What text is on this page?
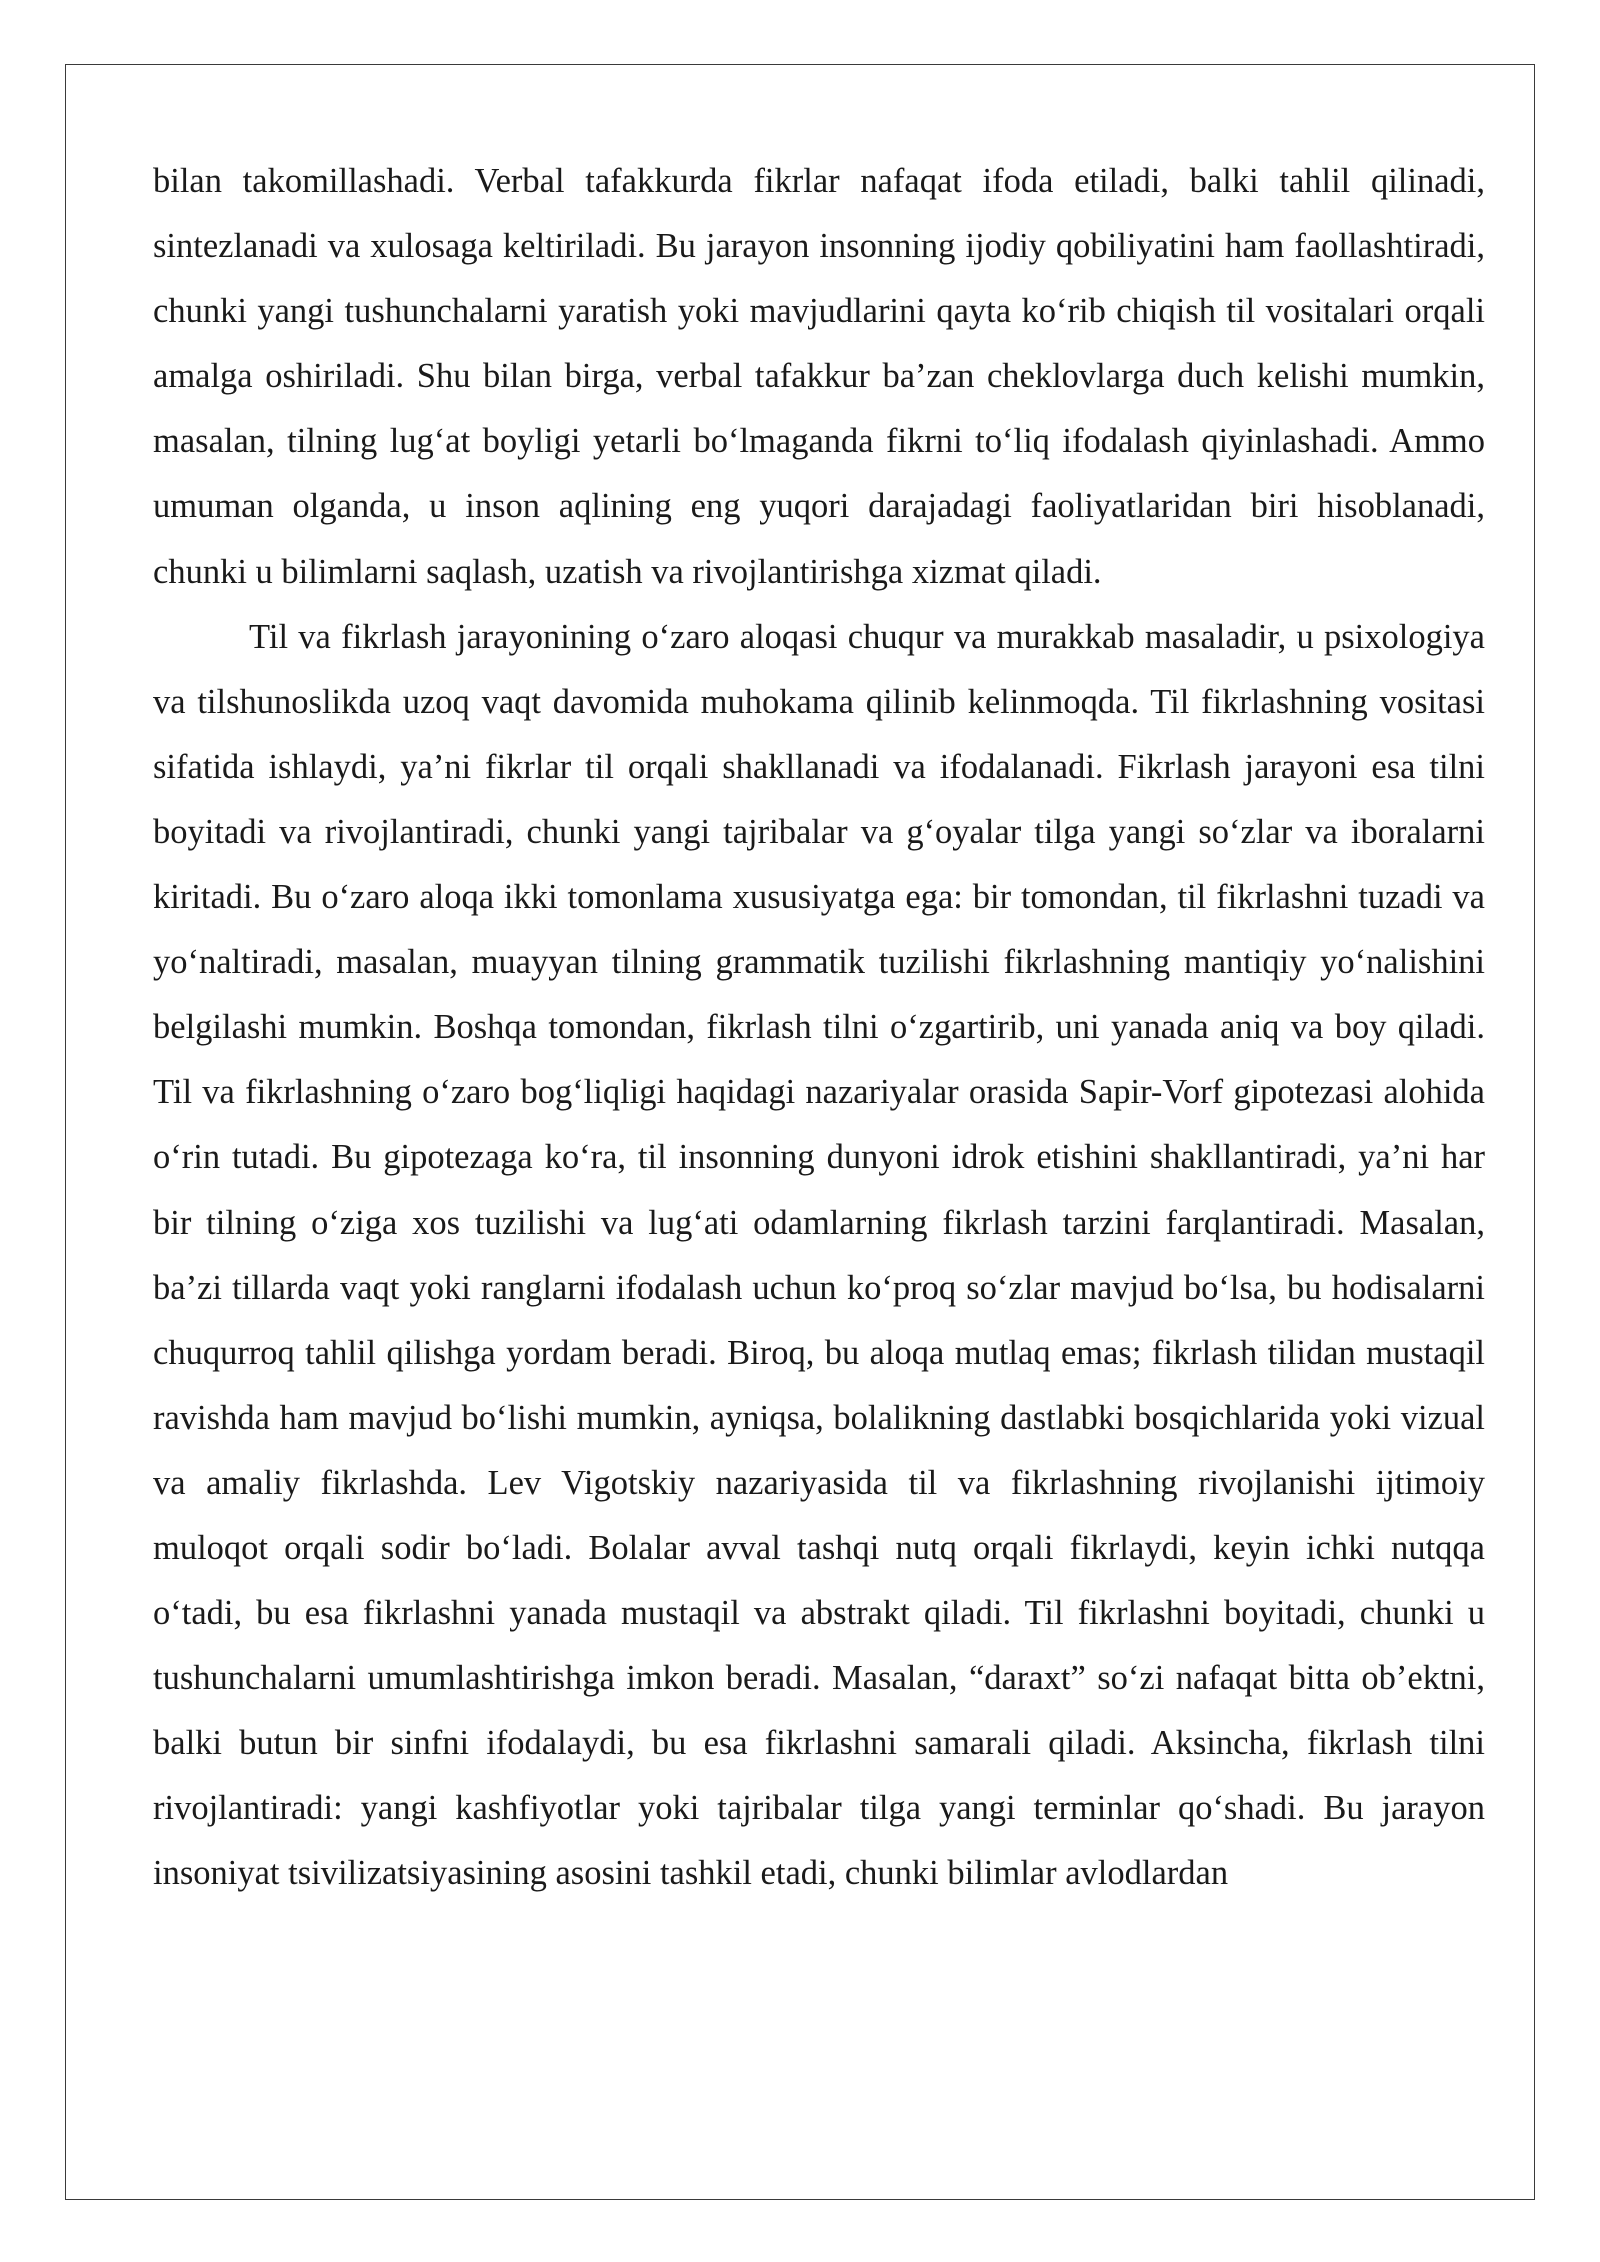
bilan takomillashadi. Verbal tafakkurda fikrlar nafaqat ifoda etiladi, balki tahlil qilinadi, sintezlanadi va xulosaga keltiriladi. Bu jarayon insonning ijodiy qobiliyatini ham faollashtiradi, chunki yangi tushunchalarni yaratish yoki mavjudlarini qayta ko‘rib chiqish til vositalari orqali amalga oshiriladi. Shu bilan birga, verbal tafakkur ba’zan cheklovlarga duch kelishi mumkin, masalan, tilning lug‘at boyligi yetarli bo‘lmaganda fikrni to‘liq ifodalash qiyinlashadi. Ammo umuman olganda, u inson aqlining eng yuqori darajadagi faoliyatlaridan biri hisoblanadi, chunki u bilimlarni saqlash, uzatish va rivojlantirishga xizmat qiladi.

Til va fikrlash jarayonining o‘zaro aloqasi chuqur va murakkab masaladir, u psixologiya va tilshunoslikda uzoq vaqt davomida muhokama qilinib kelinmoqda. Til fikrlashning vositasi sifatida ishlaydi, ya’ni fikrlar til orqali shakllanadi va ifodalanadi. Fikrlash jarayoni esa tilni boyitadi va rivojlantiradi, chunki yangi tajribalar va g‘oyalar tilga yangi so‘zlar va iboralarni kiritadi. Bu o‘zaro aloqa ikki tomonlama xususiyatga ega: bir tomondan, til fikrlashni tuzadi va yo‘naltiradi, masalan, muayyan tilning grammatik tuzilishi fikrlashning mantiqiy yo‘nalishini belgilashi mumkin. Boshqa tomondan, fikrlash tilni o‘zgartirib, uni yanada aniq va boy qiladi. Til va fikrlashning o‘zaro bog‘liqligi haqidagi nazariyalar orasida Sapir-Vorf gipotezasi alohida o‘rin tutadi. Bu gipotezaga ko‘ra, til insonning dunyoni idrok etishini shakllantiradi, ya’ni har bir tilning o‘ziga xos tuzilishi va lug‘ati odamlarning fikrlash tarzini farqlantiradi. Masalan, ba’zi tillarda vaqt yoki ranglarni ifodalash uchun ko‘proq so‘zlar mavjud bo‘lsa, bu hodisalarni chuqurroq tahlil qilishga yordam beradi. Biroq, bu aloqa mutlaq emas; fikrlash tilidan mustaqil ravishda ham mavjud bo‘lishi mumkin, ayniqsa, bolalikning dastlabki bosqichlarida yoki vizual va amaliy fikrlashda. Lev Vigotskiy nazariyasida til va fikrlashning rivojlanishi ijtimoiy muloqot orqali sodir bo‘ladi. Bolalar avval tashqi nutq orqali fikrlaydi, keyin ichki nutqqa o‘tadi, bu esa fikrlashni yanada mustaqil va abstrakt qiladi. Til fikrlashni boyitadi, chunki u tushunchalarni umumlashtirishga imkon beradi. Masalan, “daraxt” so‘zi nafaqat bitta ob’ektni, balki butun bir sinfni ifodalaydi, bu esa fikrlashni samarali qiladi. Aksincha, fikrlash tilni rivojlantiradi: yangi kashfiyotlar yoki tajribalar tilga yangi terminlar qo‘shadi. Bu jarayon insoniyat tsivilizatsiyasining asosini tashkil etadi, chunki bilimlar avlodlardan
